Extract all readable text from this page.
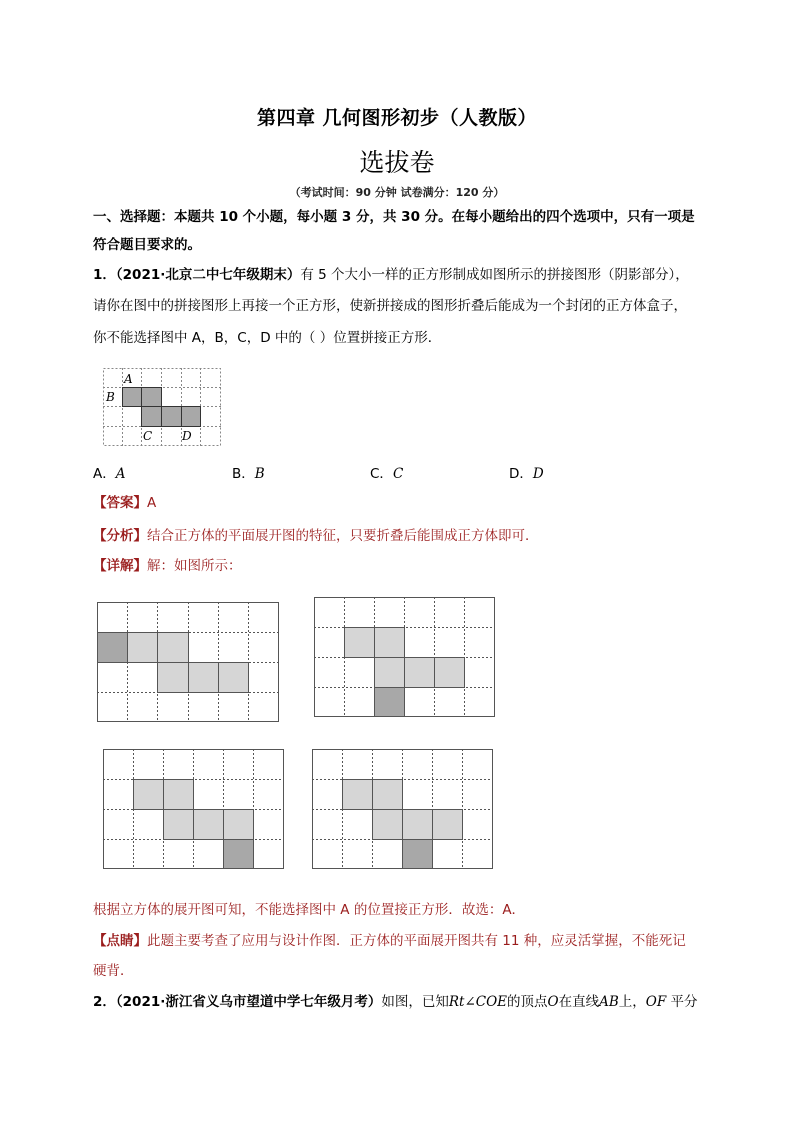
第四章 几何图形初步（人教版）
选拔卷
（考试时间：90 分钟 试卷满分：120 分）
一、选择题：本题共 10 个小题，每小题 3 分，共 30 分。在每小题给出的四个选项中，只有一项是
符合题目要求的。
1．（2021·北京二中七年级期末）有 5 个大小一样的正方形制成如图所示的拼接图形（阴影部分），
请你在图中的拼接图形上再接一个正方形，使新拼接成的图形折叠后能成为一个封闭的正方体盒子，
你不能选择图中 A，B，C，D 中的（ ）位置拼接正方形．
A
B
C D
A．A	B．B	C．C	D．D
【答案】A
【分析】结合正方体的平面展开图的特征，只要折叠后能围成正方体即可．
【详解】解：如图所示：
根据立方体的展开图可知，不能选择图中 A 的位置接正方形．故选：A．
【点睛】此题主要考查了应用与设计作图．正方体的平面展开图共有 11 种，应灵活掌握，不能死记
硬背．
2．（2021·浙江省义乌市望道中学七年级月考）如图，已知Rt∠COE的顶点O在直线AB上，OF 平分
